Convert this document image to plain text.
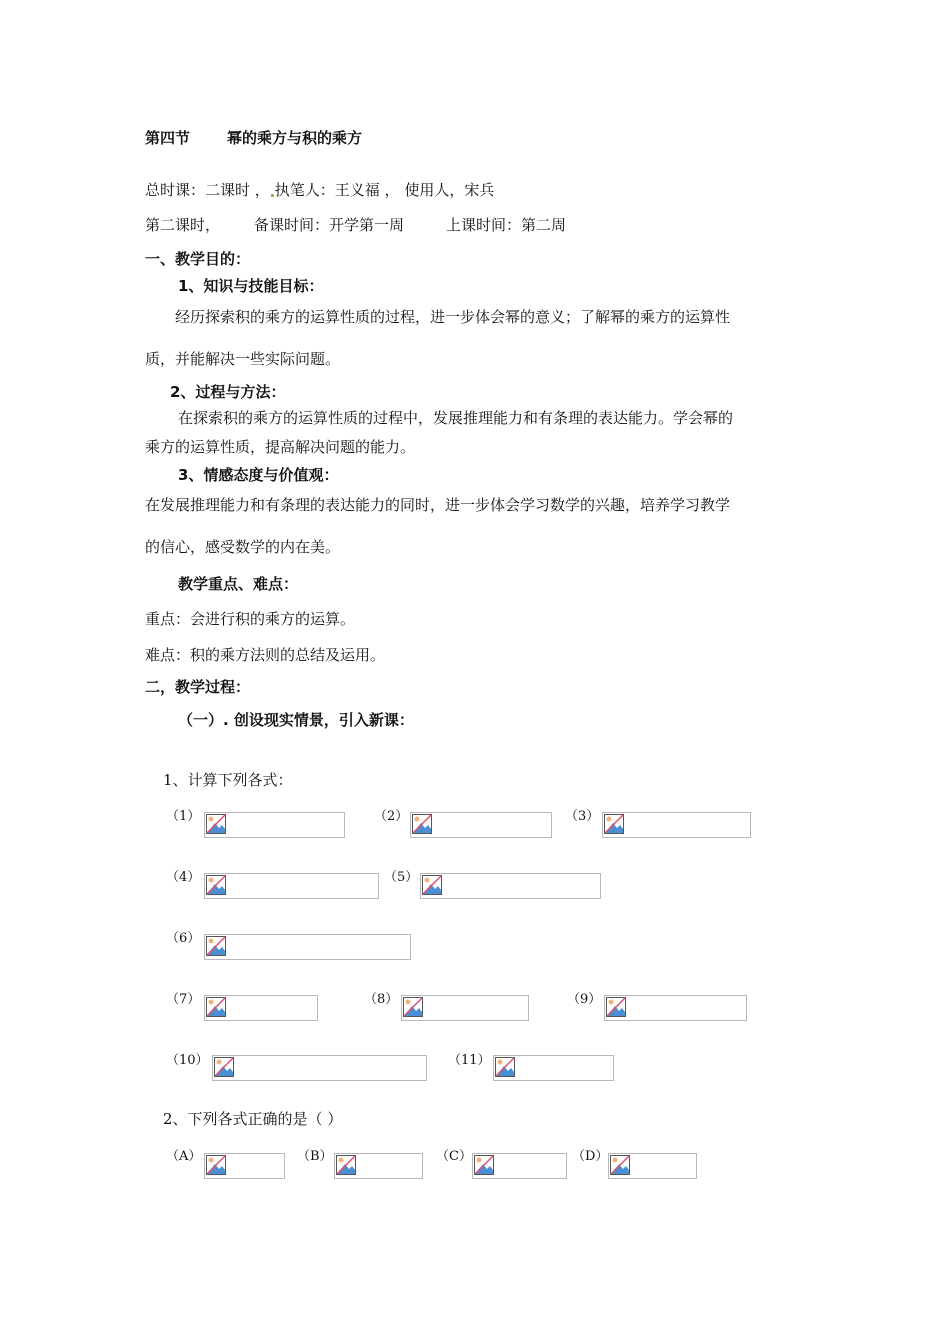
第四节 幂的乘方与积的乘方
总时课：二课时 ， 执笔人：王义福 ， 使用人，宋兵
第二课时， 备课时间：开学第一周	上课时间：第二周
一、教学目的：
1、知识与技能目标：
经历探索积的乘方的运算性质的过程，进一步体会幂的意义；了解幂的乘方的运算性
质，并能解决一些实际问题。
2、过程与方法：
在探索积的乘方的运算性质的过程中，发展推理能力和有条理的表达能力。学会幂的
乘方的运算性质，提高解决问题的能力。
3、情感态度与价值观：
在发展推理能力和有条理的表达能力的同时，进一步体会学习数学的兴趣，培养学习教学
的信心，感受数学的内在美。
教学重点、难点：
重点：会进行积的乘方的运算。
难点：积的乘方法则的总结及运用。
二，教学过程：
（一）. 创设现实情景，引入新课：
1、计算下列各式：
（1）	（2）	（3）
（4）	（5）
（6）
（7）	（8）	（9）
（10）	（11）
2、下列各式正确的是（ ）
（A）	（B）	（C）	（D）
